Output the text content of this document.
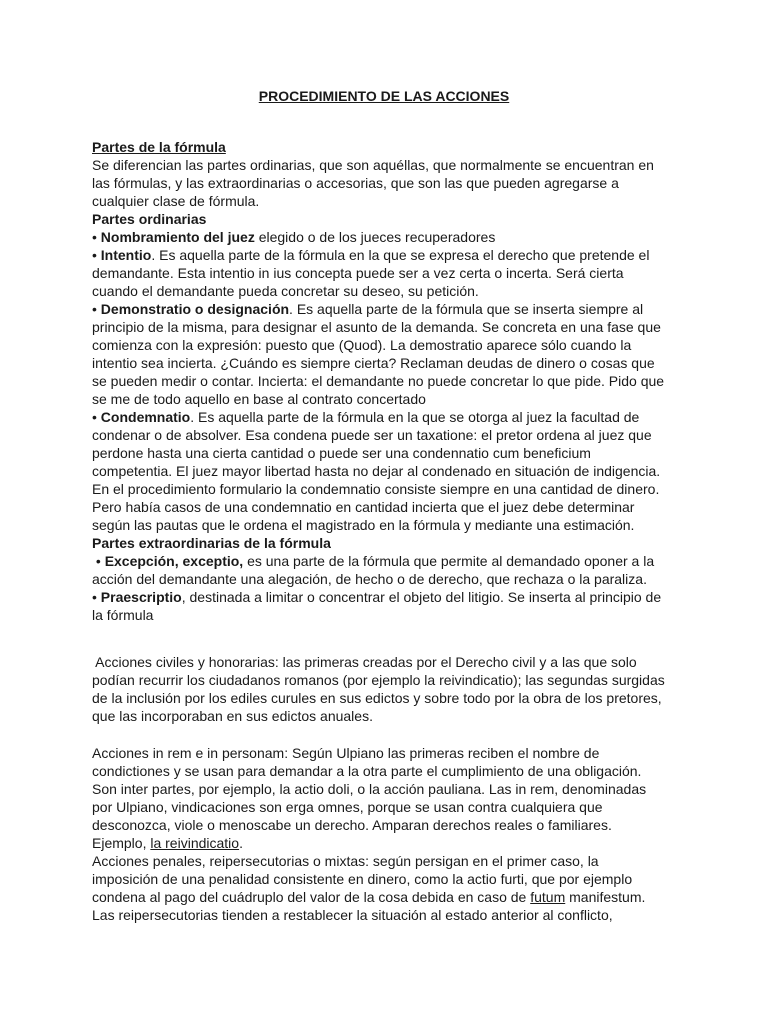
PROCEDIMIENTO DE LAS ACCIONES
Partes de la fórmula
Se diferencian las partes ordinarias, que son aquéllas, que normalmente se encuentran en
las fórmulas, y las extraordinarias o accesorias, que son las que pueden agregarse a
cualquier clase de fórmula.
Partes ordinarias
• Nombramiento del juez elegido o de los jueces recuperadores
• Intentio. Es aquella parte de la fórmula en la que se expresa el derecho que pretende el
demandante. Esta intentio in ius concepta puede ser a vez certa o incerta. Será cierta
cuando el demandante pueda concretar su deseo, su petición.
• Demonstratio o designación. Es aquella parte de la fórmula que se inserta siempre al
principio de la misma, para designar el asunto de la demanda. Se concreta en una fase que
comienza con la expresión: puesto que (Quod). La demostratio aparece sólo cuando la
intentio sea incierta. ¿Cuándo es siempre cierta? Reclaman deudas de dinero o cosas que
se pueden medir o contar. Incierta: el demandante no puede concretar lo que pide. Pido que
se me de todo aquello en base al contrato concertado
• Condemnatio. Es aquella parte de la fórmula en la que se otorga al juez la facultad de
condenar o de absolver. Esa condena puede ser un taxatione: el pretor ordena al juez que
perdone hasta una cierta cantidad o puede ser una condennatio cum beneficium
competentia. El juez mayor libertad hasta no dejar al condenado en situación de indigencia.
En el procedimiento formulario la condemnatio consiste siempre en una cantidad de dinero.
Pero había casos de una condemnatio en cantidad incierta que el juez debe determinar
según las pautas que le ordena el magistrado en la fórmula y mediante una estimación.
Partes extraordinarias de la fórmula
• Excepción, exceptio, es una parte de la fórmula que permite al demandado oponer a la
acción del demandante una alegación, de hecho o de derecho, que rechaza o la paraliza.
• Praescriptio, destinada a limitar o concentrar el objeto del litigio. Se inserta al principio de
la fórmula
Acciones civiles y honorarias: las primeras creadas por el Derecho civil y a las que solo
podían recurrir los ciudadanos romanos (por ejemplo la reivindicatio); las segundas surgidas
de la inclusión por los ediles curules en sus edictos y sobre todo por la obra de los pretores,
que las incorporaban en sus edictos anuales.
Acciones in rem e in personam: Según Ulpiano las primeras reciben el nombre de
condictiones y se usan para demandar a la otra parte el cumplimiento de una obligación.
Son inter partes, por ejemplo, la actio doli, o la acción pauliana. Las in rem, denominadas
por Ulpiano, vindicaciones son erga omnes, porque se usan contra cualquiera que
desconozca, viole o menoscabe un derecho. Amparan derechos reales o familiares.
Ejemplo, la reivindicatio.
Acciones penales, reipersecutorias o mixtas: según persigan en el primer caso, la
imposición de una penalidad consistente en dinero, como la actio furti, que por ejemplo
condena al pago del cuádruplo del valor de la cosa debida en caso de futum manifestum.
Las reipersecutorias tienden a restablecer la situación al estado anterior al conflicto,
